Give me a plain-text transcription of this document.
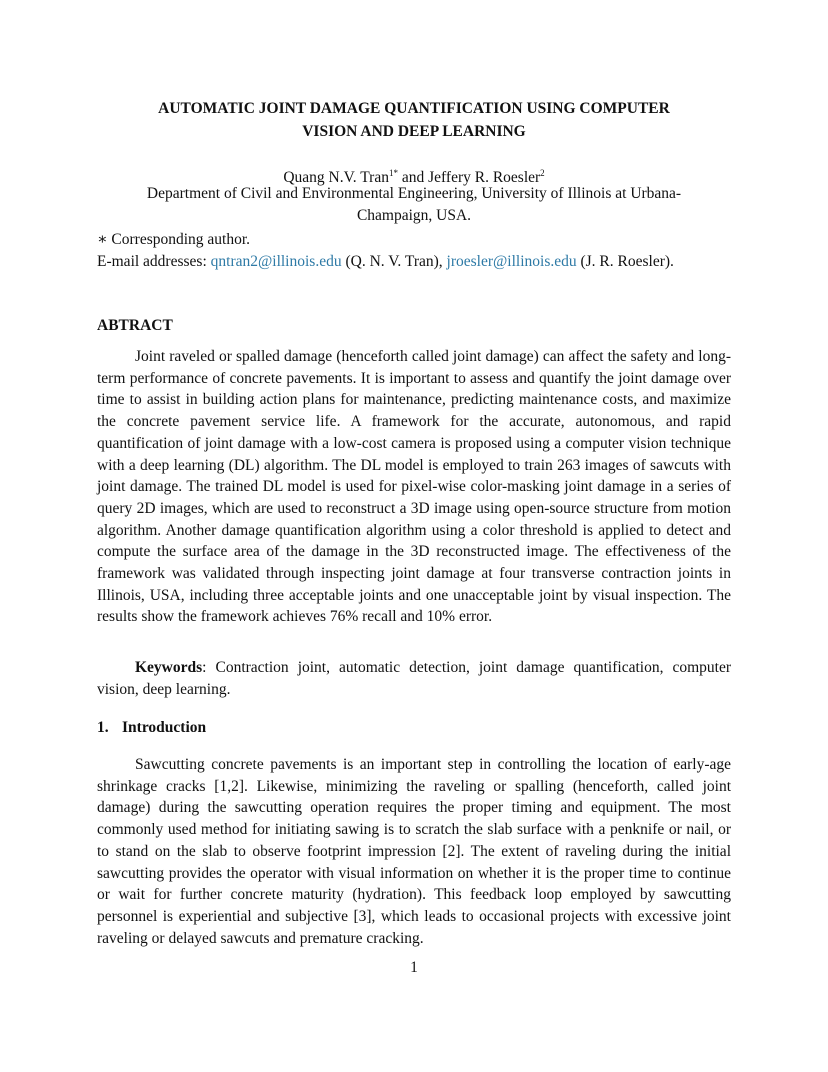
AUTOMATIC JOINT DAMAGE QUANTIFICATION USING COMPUTER
VISION AND DEEP LEARNING
Quang N.V. Tran$^{1*}$ and Jeffery R. Roesler$^2$
Department of Civil and Environmental Engineering, University of Illinois at Urbana-Champaign, USA.
∗ Corresponding author.
E-mail addresses: qntran2@illinois.edu (Q. N. V. Tran), jroesler@illinois.edu (J. R. Roesler).
ABTRACT
Joint raveled or spalled damage (henceforth called joint damage) can affect the safety and long-term performance of concrete pavements. It is important to assess and quantify the joint damage over time to assist in building action plans for maintenance, predicting maintenance costs, and maximize the concrete pavement service life. A framework for the accurate, autonomous, and rapid quantification of joint damage with a low-cost camera is proposed using a computer vision technique with a deep learning (DL) algorithm. The DL model is employed to train 263 images of sawcuts with joint damage. The trained DL model is used for pixel-wise color-masking joint damage in a series of query 2D images, which are used to reconstruct a 3D image using open-source structure from motion algorithm. Another damage quantification algorithm using a color threshold is applied to detect and compute the surface area of the damage in the 3D reconstructed image. The effectiveness of the framework was validated through inspecting joint damage at four transverse contraction joints in Illinois, USA, including three acceptable joints and one unacceptable joint by visual inspection. The results show the framework achieves 76% recall and 10% error.
Keywords: Contraction joint, automatic detection, joint damage quantification, computer vision, deep learning.
1. Introduction
Sawcutting concrete pavements is an important step in controlling the location of early-age shrinkage cracks [1,2]. Likewise, minimizing the raveling or spalling (henceforth, called joint damage) during the sawcutting operation requires the proper timing and equipment. The most commonly used method for initiating sawing is to scratch the slab surface with a penknife or nail, or to stand on the slab to observe footprint impression [2]. The extent of raveling during the initial sawcutting provides the operator with visual information on whether it is the proper time to continue or wait for further concrete maturity (hydration). This feedback loop employed by sawcutting personnel is experiential and subjective [3], which leads to occasional projects with excessive joint raveling or delayed sawcuts and premature cracking.
1
